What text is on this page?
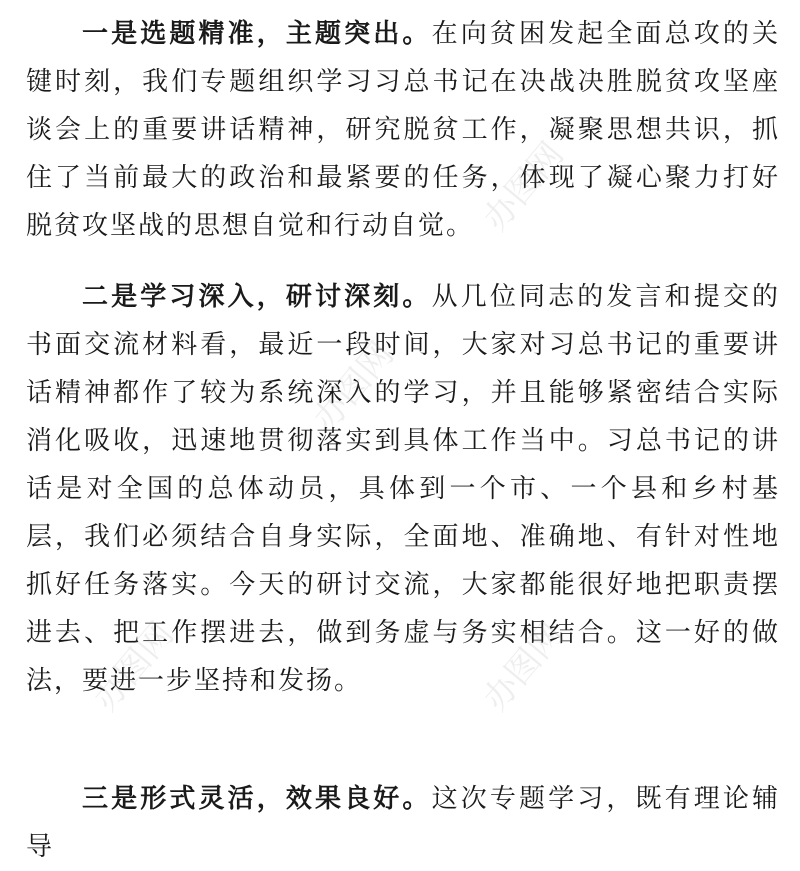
一是选题精准，主题突出。在向贫困发起全面总攻的关键时刻，我们专题组织学习习总书记在决战决胜脱贫攻坚座谈会上的重要讲话精神，研究脱贫工作，凝聚思想共识，抓住了当前最大的政治和最紧要的任务，体现了凝心聚力打好脱贫攻坚战的思想自觉和行动自觉。

二是学习深入，研讨深刻。从几位同志的发言和提交的书面交流材料看，最近一段时间，大家对习总书记的重要讲话精神都作了较为系统深入的学习，并且能够紧密结合实际消化吸收，迅速地贯彻落实到具体工作当中。习总书记的讲话是对全国的总体动员，具体到一个市、一个县和乡村基层，我们必须结合自身实际，全面地、准确地、有针对性地抓好任务落实。今天的研讨交流，大家都能很好地把职责摆进去、把工作摆进去，做到务虚与务实相结合。这一好的做法，要进一步坚持和发扬。

三是形式灵活，效果良好。这次专题学习，既有理论辅导

办图网
办图网
办图网	办图网
